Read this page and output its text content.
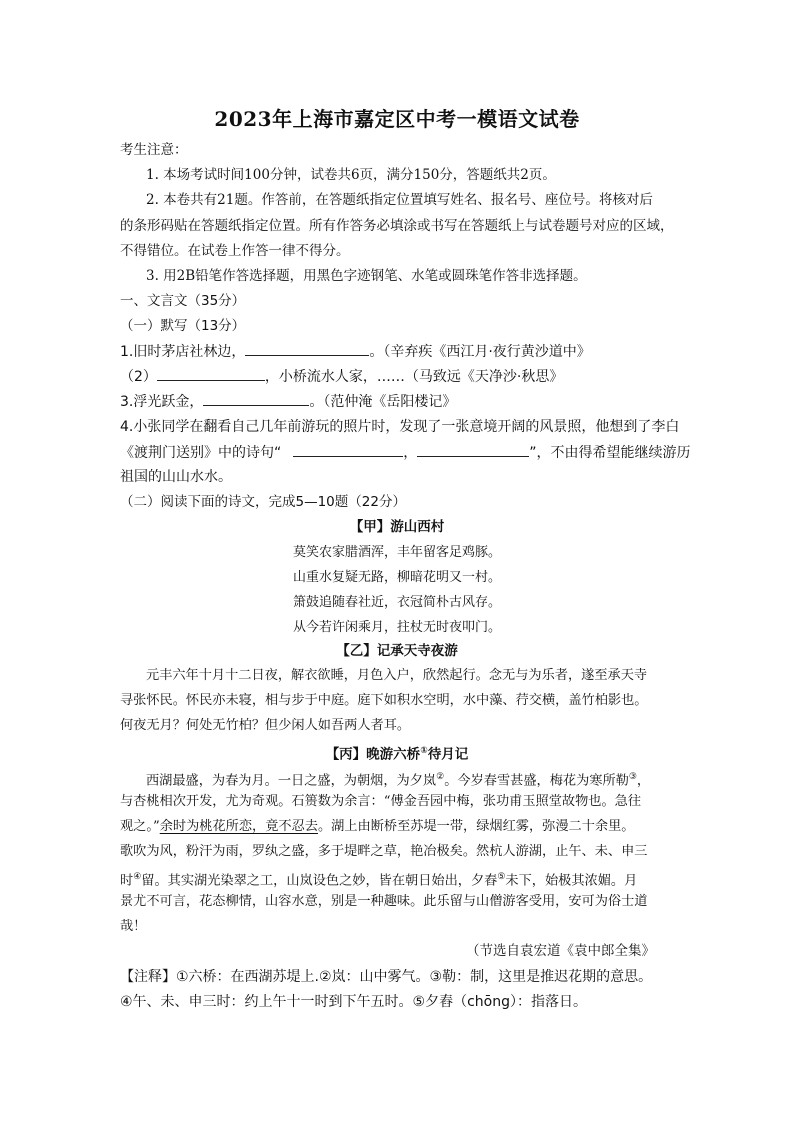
2023年上海市嘉定区中考一模语文试卷
考生注意：
1. 本场考试时间100分钟，试卷共6页，满分150分，答题纸共2页。
2. 本卷共有21题。作答前，在答题纸指定位置填写姓名、报名号、座位号。将核对后
的条形码贴在答题纸指定位置。所有作答务必填涂或书写在答题纸上与试卷题号对应的区域，
不得错位。在试卷上作答一律不得分。
3. 用2B铅笔作答选择题，用黑色字迹钢笔、水笔或圆珠笔作答非选择题。
一、文言文（35分）
（一）默写（13分）
1.旧时茅店社林边，	。（辛弃疾《西江月·夜行黄沙道中》
（2）	，小桥流水人家，……（马致远《天净沙·秋思》
3.浮光跃金，	。（范仲淹《岳阳楼记》
4.小张同学在翻看自己几年前游玩的照片时，发现了一张意境开阔的风景照，他想到了李白
《渡荆门送别》中的诗句“	，	”，不由得希望能继续游历
祖国的山山水水。
（二）阅读下面的诗文，完成5—10题（22分）
【甲】游山西村
莫笑农家腊酒浑，丰年留客足鸡豚。
山重水复疑无路，柳暗花明又一村。
箫鼓追随春社近，衣冠简朴古风存。
从今若许闲乘月，拄杖无时夜叩门。
【乙】记承天寺夜游
元丰六年十月十二日夜，解衣欲睡，月色入户，欣然起行。念无与为乐者，遂至承天寺
寻张怀民。怀民亦未寝，相与步于中庭。庭下如积水空明，水中藻、荇交横，盖竹柏影也。
何夜无月？何处无竹柏？但少闲人如吾两人者耳。
【丙】晚游六桥①待月记
西湖最盛，为春为月。一日之盛，为朝烟，为夕岚②。今岁春雪甚盛，梅花为寒所勒③，
与杏桃相次开发，尤为奇观。石篑数为余言：“傅金吾园中梅，张功甫玉照堂故物也。急往
观之。”余时为桃花所恋，竟不忍去。湖上由断桥至苏堤一带，绿烟红雾，弥漫二十余里。
歌吹为风，粉汗为雨，罗纨之盛，多于堤畔之草，艳冶极矣。然杭人游湖，止午、未、申三
时④留。其实湖光染翠之工，山岚设色之妙，皆在朝日始出，夕舂⑤未下，始极其浓媚。月
景尤不可言，花态柳情，山容水意，别是一种趣味。此乐留与山僧游客受用，安可为俗士道
哉！
（节选自袁宏道《袁中郎全集》
【注释】①六桥：在西湖苏堤上.②岚：山中雾气。③勒：制，这里是推迟花期的意思。
④午、未、申三时：约上午十一时到下午五时。⑤夕舂（chōng）：指落日。
